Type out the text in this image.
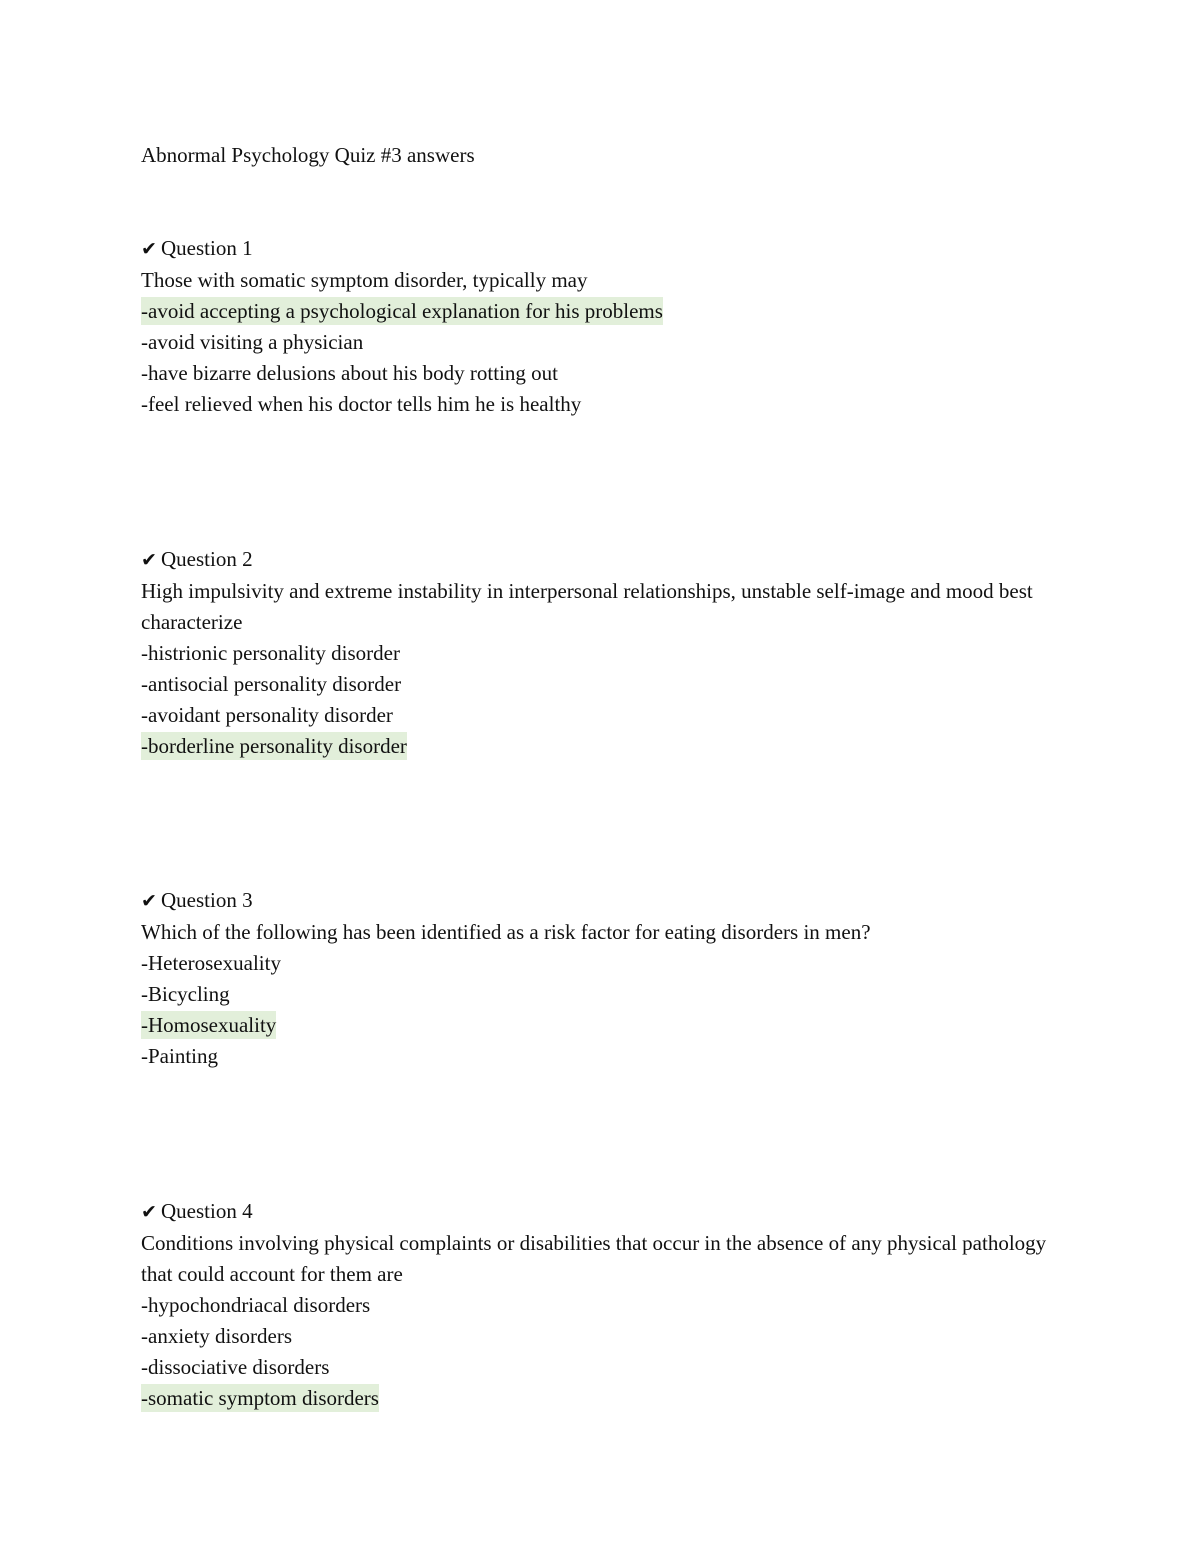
Abnormal Psychology Quiz #3 answers
✔ Question 1
Those with somatic symptom disorder, typically may
-avoid accepting a psychological explanation for his problems
-avoid visiting a physician
-have bizarre delusions about his body rotting out
-feel relieved when his doctor tells him he is healthy
✔ Question 2
High impulsivity and extreme instability in interpersonal relationships, unstable self-image and mood best characterize
-histrionic personality disorder
-antisocial personality disorder
-avoidant personality disorder
-borderline personality disorder
✔ Question 3
Which of the following has been identified as a risk factor for eating disorders in men?
-Heterosexuality
-Bicycling
-Homosexuality
-Painting
✔ Question 4
Conditions involving physical complaints or disabilities that occur in the absence of any physical pathology that could account for them are
-hypochondriacal disorders
-anxiety disorders
-dissociative disorders
-somatic symptom disorders
